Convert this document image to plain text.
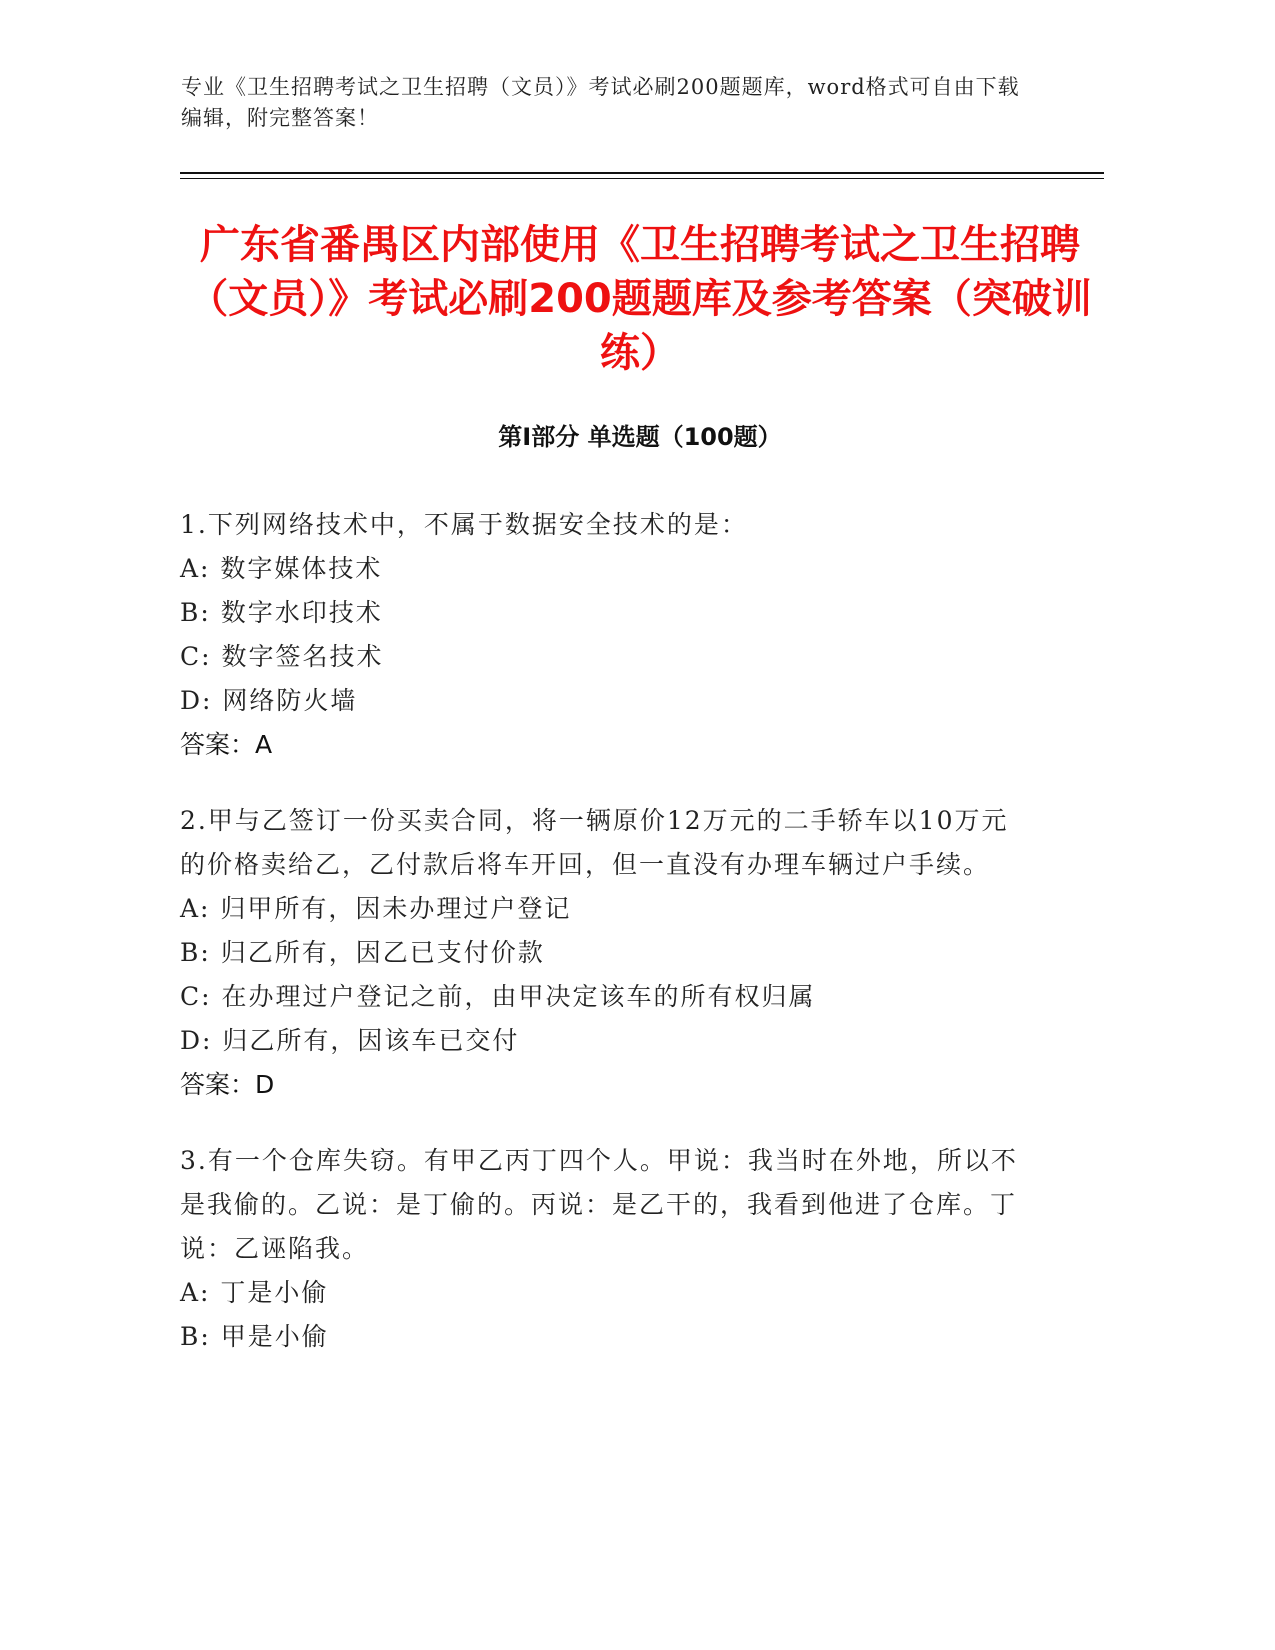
专业《卫生招聘考试之卫生招聘（文员）》考试必刷200题题库，word格式可自由下载编辑，附完整答案！
广东省番禺区内部使用《卫生招聘考试之卫生招聘（文员）》考试必刷200题题库及参考答案（突破训练）
第Ⅰ部分 单选题（100题）
1.下列网络技术中，不属于数据安全技术的是：
A: 数字媒体技术
B: 数字水印技术
C: 数字签名技术
D: 网络防火墙
答案：A
2.甲与乙签订一份买卖合同，将一辆原价12万元的二手轿车以10万元的价格卖给乙，乙付款后将车开回，但一直没有办理车辆过户手续。
A: 归甲所有，因未办理过户登记
B: 归乙所有，因乙已支付价款
C: 在办理过户登记之前，由甲决定该车的所有权归属
D: 归乙所有，因该车已交付
答案：D
3.有一个仓库失窃。有甲乙丙丁四个人。甲说：我当时在外地，所以不是我偷的。乙说：是丁偷的。丙说：是乙干的，我看到他进了仓库。丁说：乙诬陷我。
A: 丁是小偷
B: 甲是小偷
